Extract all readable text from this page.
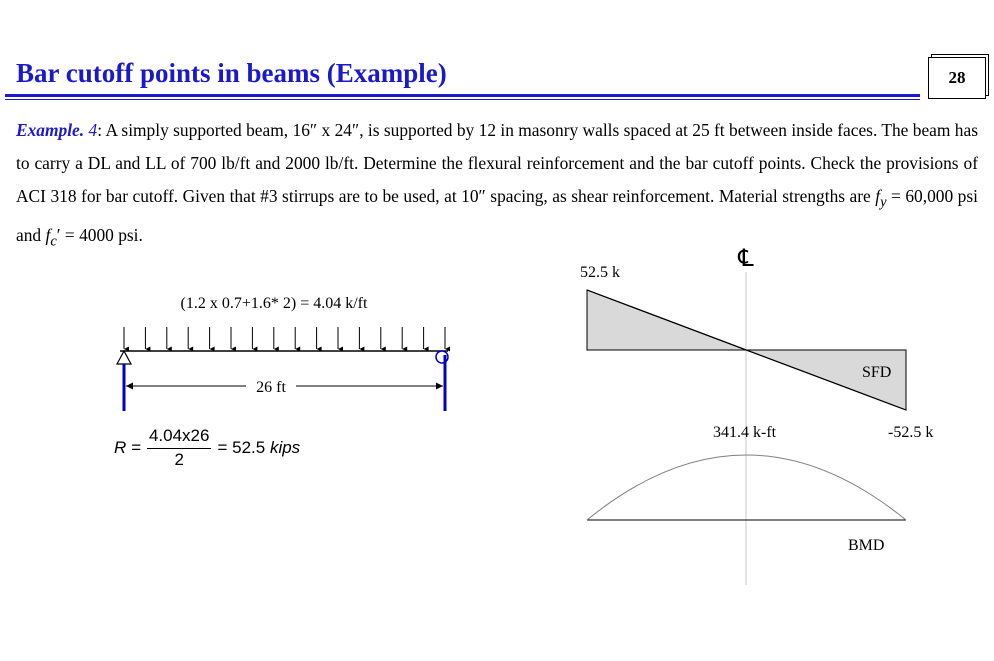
Bar cutoff points in beams (Example)	28

Example. 4: A simply supported beam, 16″ x 24″, is supported by 12 in masonry walls spaced at 25 ft between inside faces. The beam has to carry a DL and LL of 700 lb/ft and 2000 lb/ft. Determine the flexural reinforcement and the bar cutoff points. Check the provisions of ACI 318 for bar cutoff. Given that #3 stirrups are to be used, at 10″ spacing, as shear reinforcement. Material strengths are $f_y = 60,000$ psi and $f_c' = 4000$ psi.

(1.2 x 0.7+1.6* 2) = 4.04 k/ft
26 ft
℄
52.5 k
SFD
-52.5 k
341.4 k-ft
BMD
$R = \frac{4.04x26}{2}$ =
52.5
kips
